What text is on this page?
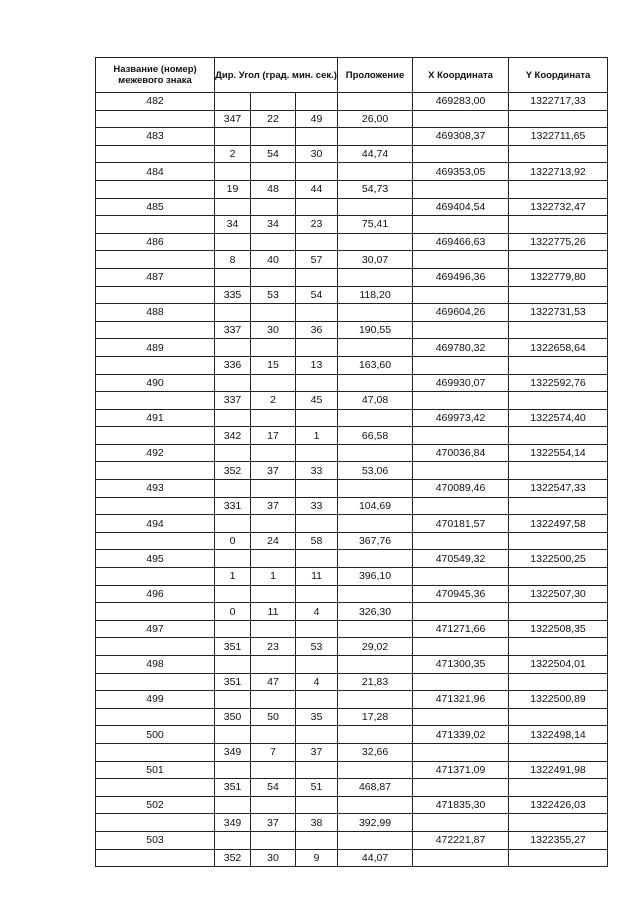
Название (номер) межевого знака	Дир. Угол (град. мин. сек.)			Проложение	X Координата	Y Координата
482					469283,00	1322717,33
	347	22	49	26,00		
483					469308,37	1322711,65
	2	54	30	44,74		
484					469353,05	1322713,92
	19	48	44	54,73		
485					469404,54	1322732,47
	34	34	23	75,41		
486					469466,63	1322775,26
	8	40	57	30,07		
487					469496,36	1322779,80
	335	53	54	118,20		
488					469604,26	1322731,53
	337	30	36	190,55		
489					469780,32	1322658,64
	336	15	13	163,60		
490					469930,07	1322592,76
	337	2	45	47,08		
491					469973,42	1322574,40
	342	17	1	66,58		
492					470036,84	1322554,14
	352	37	33	53,06		
493					470089,46	1322547,33
	331	37	33	104,69		
494					470181,57	1322497,58
	0	24	58	367,76		
495					470549,32	1322500,25
	1	1	11	396,10		
496					470945,36	1322507,30
	0	11	4	326,30		
497					471271,66	1322508,35
	351	23	53	29,02		
498					471300,35	1322504,01
	351	47	4	21,83		
499					471321,96	1322500,89
	350	50	35	17,28		
500					471339,02	1322498,14
	349	7	37	32,66		
501					471371,09	1322491,98
	351	54	51	468,87		
502					471835,30	1322426,03
	349	37	38	392,99		
503					472221,87	1322355,27
	352	30	9	44,07		
